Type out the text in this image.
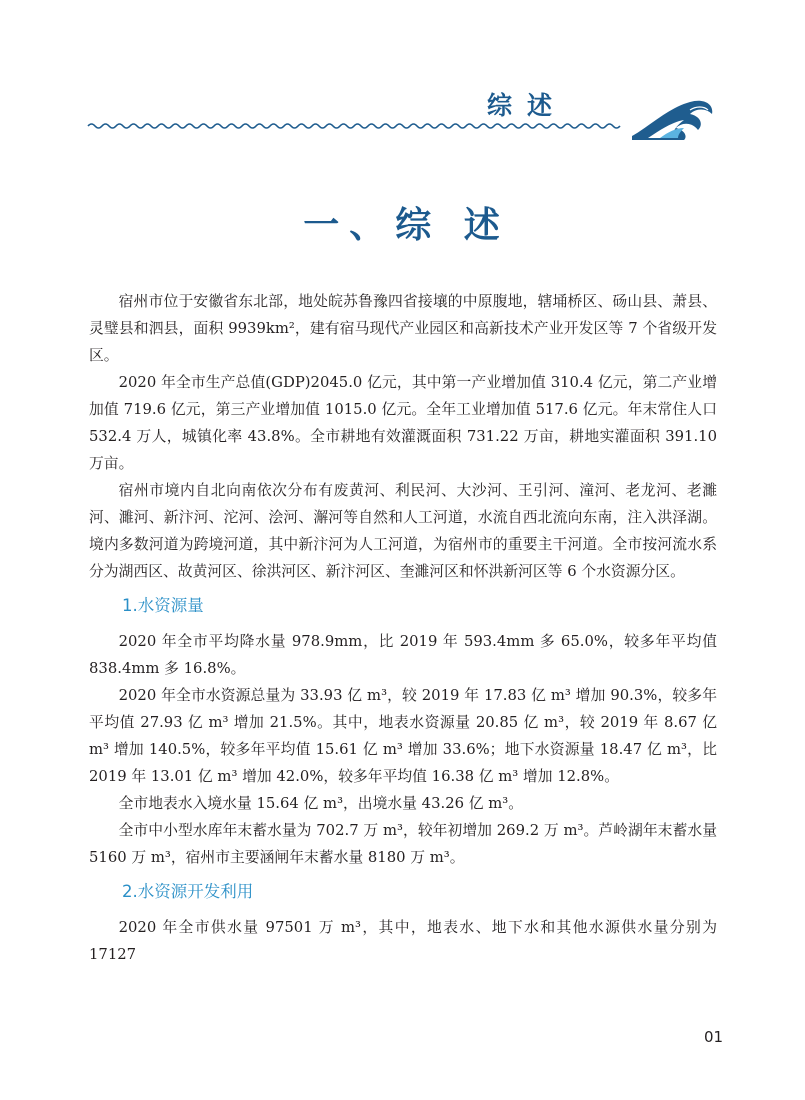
综述
一、综 述

宿州市位于安徽省东北部，地处皖苏鲁豫四省接壤的中原腹地，辖埇桥区、砀山县、萧县、灵璧县和泗县，面积 9939km²，建有宿马现代产业园区和高新技术产业开发区等 7 个省级开发区。

2020 年全市生产总值(GDP)2045.0 亿元，其中第一产业增加值 310.4 亿元，第二产业增加值 719.6 亿元，第三产业增加值 1015.0 亿元。全年工业增加值 517.6 亿元。年末常住人口 532.4 万人，城镇化率 43.8%。全市耕地有效灌溉面积 731.22 万亩，耕地实灌面积 391.10 万亩。

宿州市境内自北向南依次分布有废黄河、利民河、大沙河、王引河、潼河、老龙河、老濉河、濉河、新汴河、沱河、浍河、澥河等自然和人工河道，水流自西北流向东南，注入洪泽湖。境内多数河道为跨境河道，其中新汴河为人工河道，为宿州市的重要主干河道。全市按河流水系分为湖西区、故黄河区、徐洪河区、新汴河区、奎濉河区和怀洪新河区等 6 个水资源分区。

1.水资源量

2020 年全市平均降水量 978.9mm，比 2019 年 593.4mm 多 65.0%，较多年平均值 838.4mm 多 16.8%。

2020 年全市水资源总量为 33.93 亿 m³，较 2019 年 17.83 亿 m³ 增加 90.3%，较多年平均值 27.93 亿 m³ 增加 21.5%。其中，地表水资源量 20.85 亿 m³，较 2019 年 8.67 亿 m³ 增加 140.5%，较多年平均值 15.61 亿 m³ 增加 33.6%；地下水资源量 18.47 亿 m³，比 2019 年 13.01 亿 m³ 增加 42.0%，较多年平均值 16.38 亿 m³ 增加 12.8%。

全市地表水入境水量 15.64 亿 m³，出境水量 43.26 亿 m³。

全市中小型水库年末蓄水量为 702.7 万 m³，较年初增加 269.2 万 m³。芦岭湖年末蓄水量 5160 万 m³，宿州市主要涵闸年末蓄水量 8180 万 m³。

2.水资源开发利用

2020 年全市供水量 97501 万 m³，其中，地表水、地下水和其他水源供水量分别为 17127

01
